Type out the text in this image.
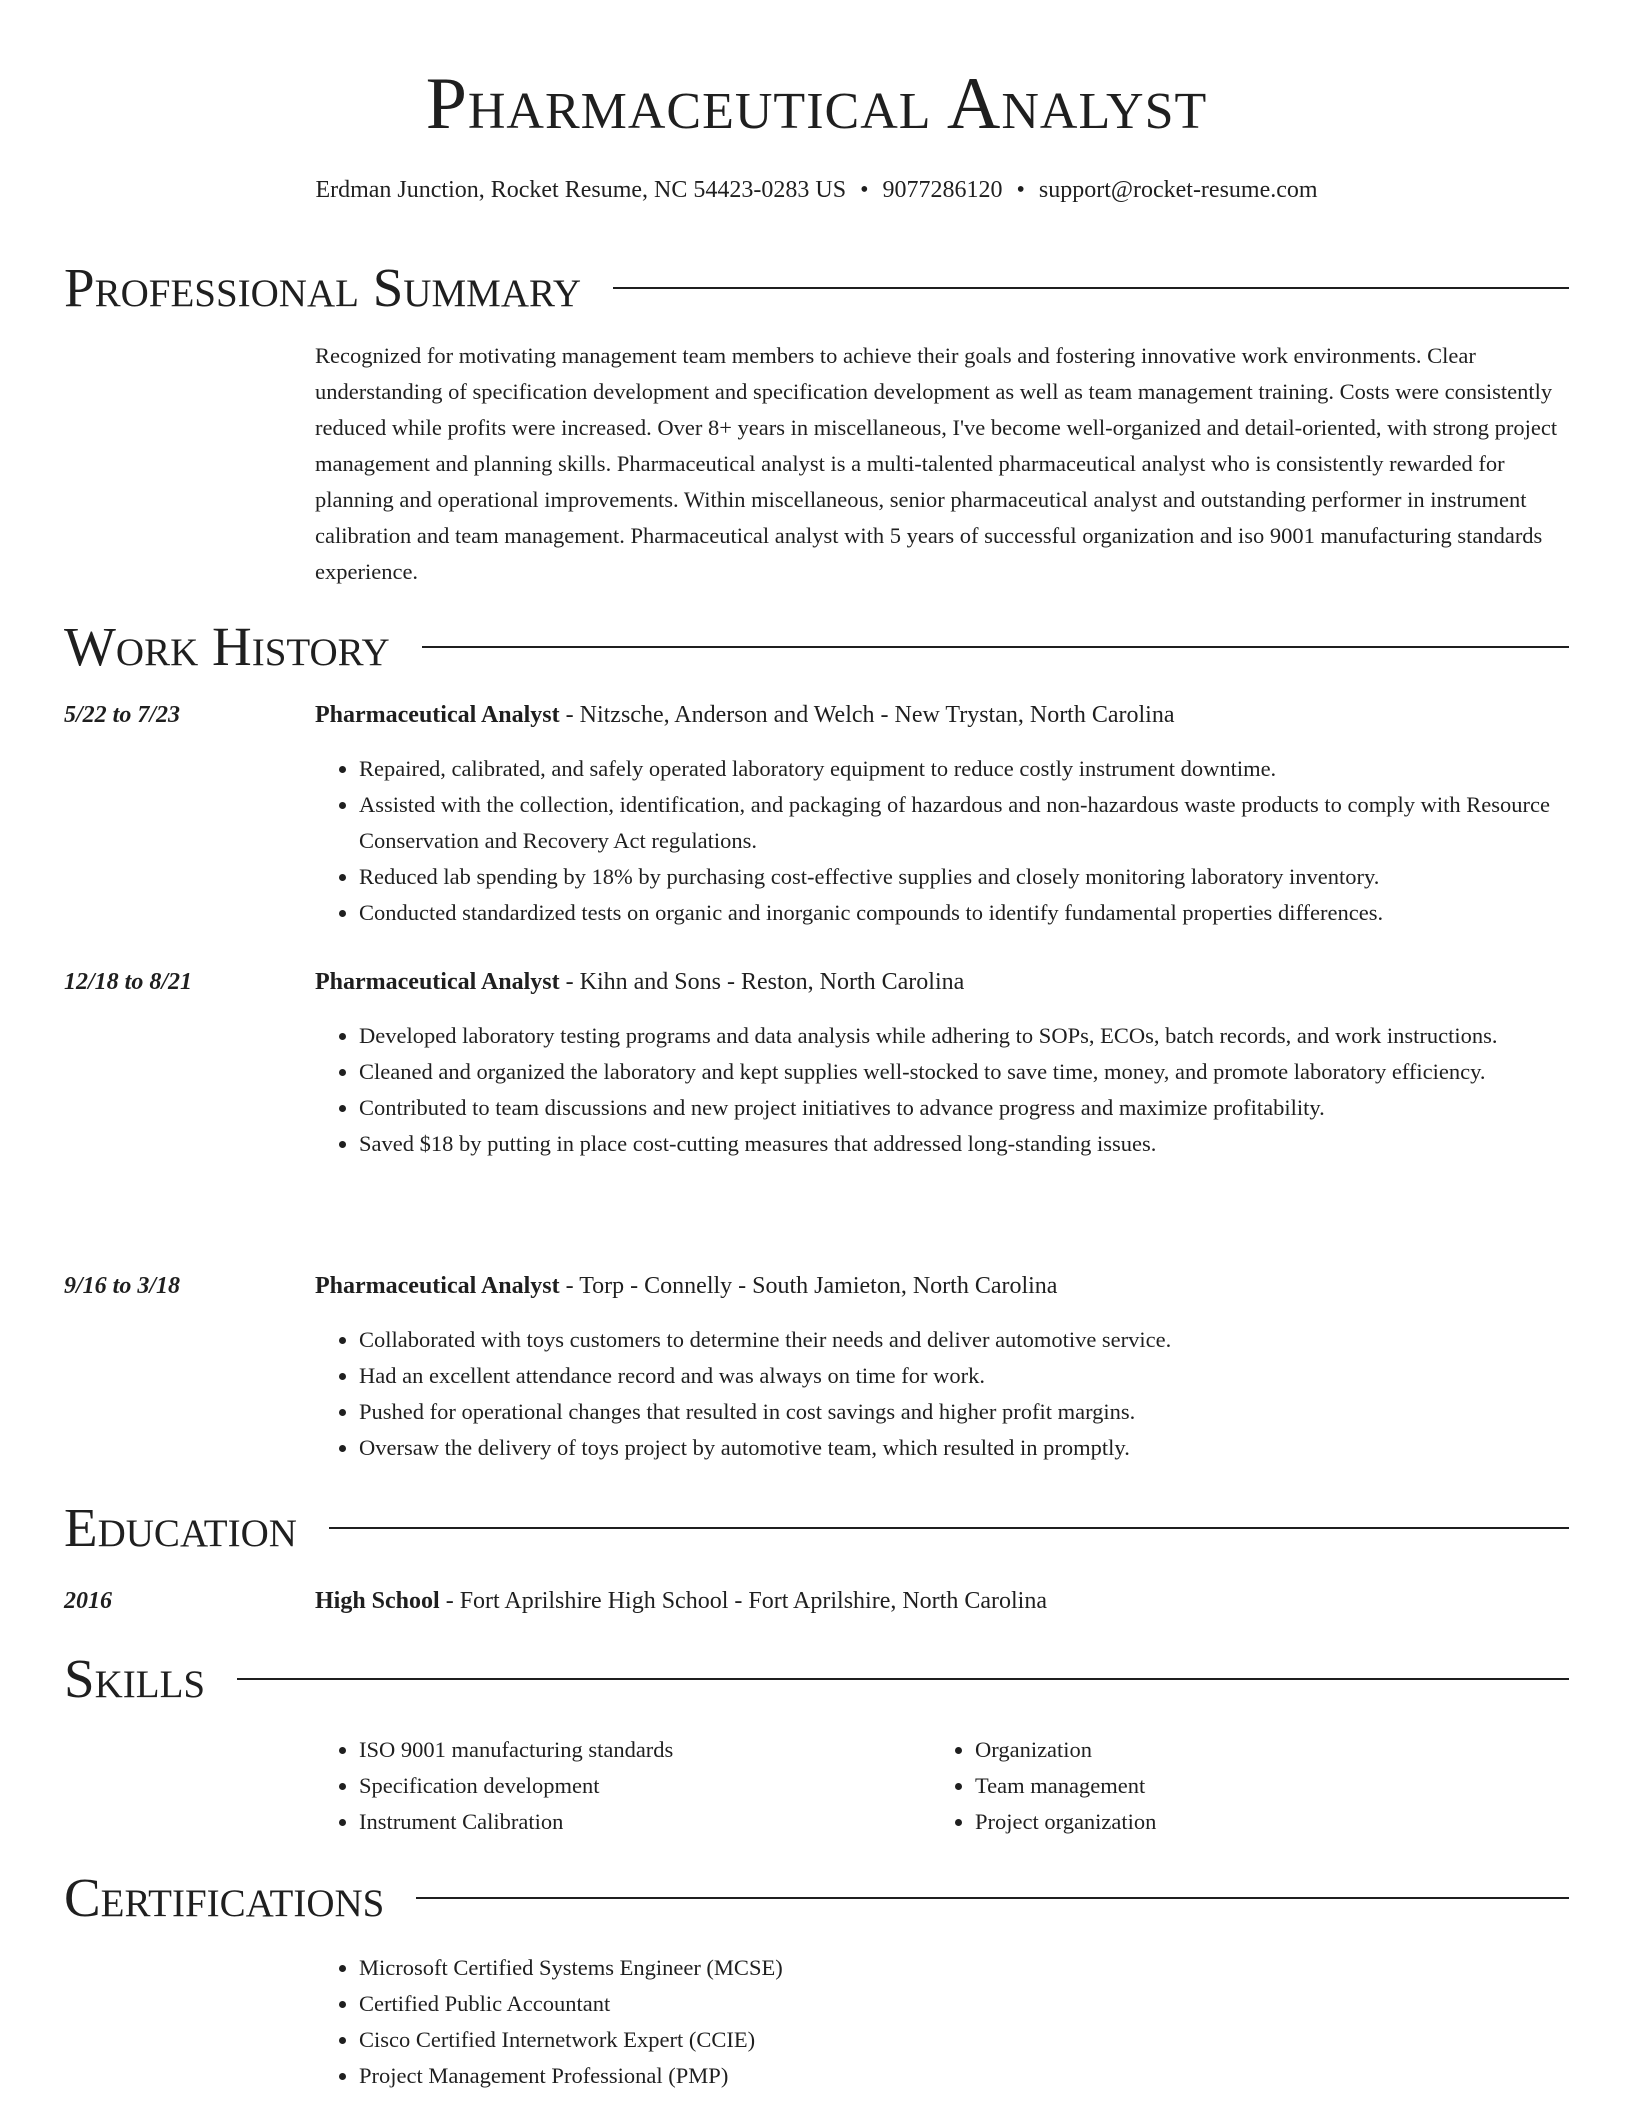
Pharmaceutical Analyst
Erdman Junction, Rocket Resume, NC 54423-0283 US • 9077286120 • support@rocket-resume.com
Professional Summary
Recognized for motivating management team members to achieve their goals and fostering innovative work environments. Clear understanding of specification development and specification development as well as team management training. Costs were consistently reduced while profits were increased. Over 8+ years in miscellaneous, I've become well-organized and detail-oriented, with strong project management and planning skills. Pharmaceutical analyst is a multi-talented pharmaceutical analyst who is consistently rewarded for planning and operational improvements. Within miscellaneous, senior pharmaceutical analyst and outstanding performer in instrument calibration and team management. Pharmaceutical analyst with 5 years of successful organization and iso 9001 manufacturing standards experience.
Work History
5/22 to 7/23	Pharmaceutical Analyst - Nitzsche, Anderson and Welch - New Trystan, North Carolina
• Repaired, calibrated, and safely operated laboratory equipment to reduce costly instrument downtime.
• Assisted with the collection, identification, and packaging of hazardous and non-hazardous waste products to comply with Resource Conservation and Recovery Act regulations.
• Reduced lab spending by 18% by purchasing cost-effective supplies and closely monitoring laboratory inventory.
• Conducted standardized tests on organic and inorganic compounds to identify fundamental properties differences.
12/18 to 8/21	Pharmaceutical Analyst - Kihn and Sons - Reston, North Carolina
• Developed laboratory testing programs and data analysis while adhering to SOPs, ECOs, batch records, and work instructions.
• Cleaned and organized the laboratory and kept supplies well-stocked to save time, money, and promote laboratory efficiency.
• Contributed to team discussions and new project initiatives to advance progress and maximize profitability.
• Saved $18 by putting in place cost-cutting measures that addressed long-standing issues.
9/16 to 3/18	Pharmaceutical Analyst - Torp - Connelly - South Jamieton, North Carolina
• Collaborated with toys customers to determine their needs and deliver automotive service.
• Had an excellent attendance record and was always on time for work.
• Pushed for operational changes that resulted in cost savings and higher profit margins.
• Oversaw the delivery of toys project by automotive team, which resulted in promptly.
Education
2016	High School - Fort Aprilshire High School - Fort Aprilshire, North Carolina
Skills
• ISO 9001 manufacturing standards
• Specification development
• Instrument Calibration
• Organization
• Team management
• Project organization
Certifications
• Microsoft Certified Systems Engineer (MCSE)
• Certified Public Accountant
• Cisco Certified Internetwork Expert (CCIE)
• Project Management Professional (PMP)
